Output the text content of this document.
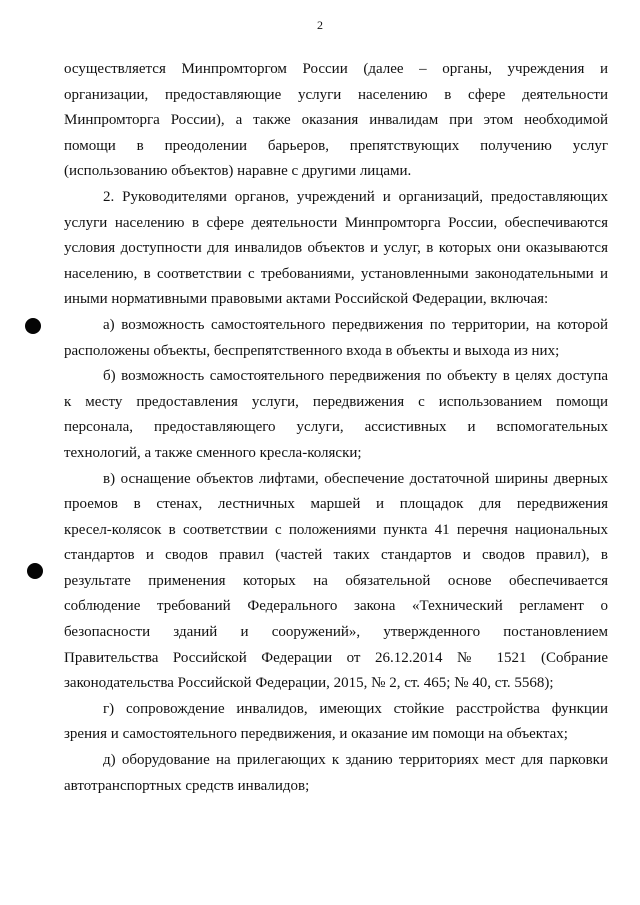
2
осуществляется Минпромторгом России (далее – органы, учреждения и
организации, предоставляющие услуги населению в сфере деятельности
Минпромторга России), а также оказания инвалидам при этом необходимой
помощи в преодолении барьеров, препятствующих получению услуг
(использованию объектов) наравне с другими лицами.
2. Руководителями органов, учреждений и организаций, предоставляющих
услуги населению в сфере деятельности Минпромторга России, обеспечиваются
условия доступности для инвалидов объектов и услуг, в которых они оказываются
населению, в соответствии с требованиями, установленными законодательными и
иными нормативными правовыми актами Российской Федерации, включая:
а) возможность самостоятельного передвижения по территории, на которой
расположены объекты, беспрепятственного входа в объекты и выхода из них;
б) возможность самостоятельного передвижения по объекту в целях доступа
к месту предоставления услуги, передвижения с использованием помощи
персонала, предоставляющего услуги, ассистивных и вспомогательных
технологий, а также сменного кресла-коляски;
в) оснащение объектов лифтами, обеспечение достаточной ширины дверных
проемов в стенах, лестничных маршей и площадок для передвижения
кресел-колясок в соответствии с положениями пункта 41 перечня национальных
стандартов и сводов правил (частей таких стандартов и сводов правил), в
результате применения которых на обязательной основе обеспечивается
соблюдение требований Федерального закона «Технический регламент о
безопасности зданий и сооружений», утвержденного постановлением
Правительства Российской Федерации от 26.12.2014 № 1521 (Собрание
законодательства Российской Федерации, 2015, № 2, ст. 465; № 40, ст. 5568);
г) сопровождение инвалидов, имеющих стойкие расстройства функции
зрения и самостоятельного передвижения, и оказание им помощи на объектах;
д) оборудование на прилегающих к зданию территориях мест для парковки
автотранспортных средств инвалидов;
